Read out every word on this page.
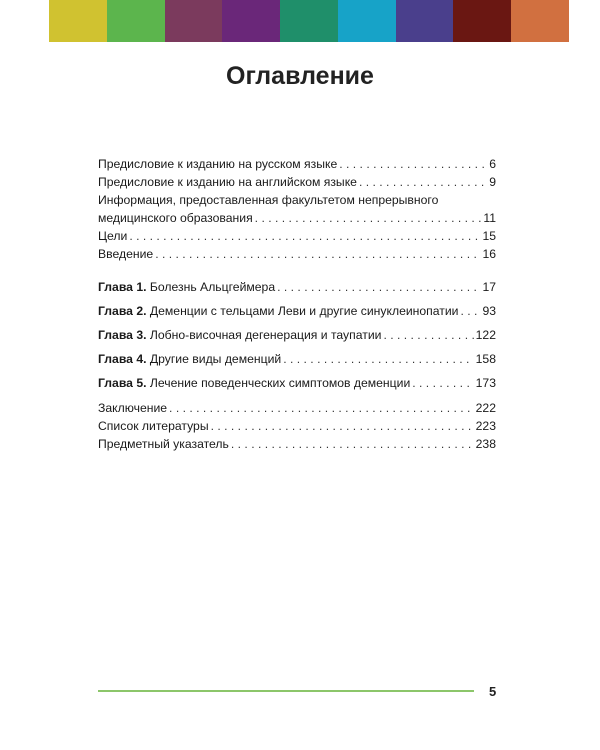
Оглавление
Предисловие к изданию на русском языке . . .	6
Предисловие к изданию на английском языке . . .	9
Информация, предоставленная факультетом непрерывного
медицинского образования . . .	11
Цели . . .	15
Введение . . .	16
Глава 1. Болезнь Альцгеймера . . .	17
Глава 2. Деменции с тельцами Леви и другие синуклеинопатии . . . 93
Глава 3. Лобно-височная дегенерация и таупатии . . .	122
Глава 4. Другие виды деменций . . .	158
Глава 5. Лечение поведенческих симптомов деменции . . .	173
Заключение . . .	222
Список литературы . . .	223
Предметный указатель . . .	238
5
